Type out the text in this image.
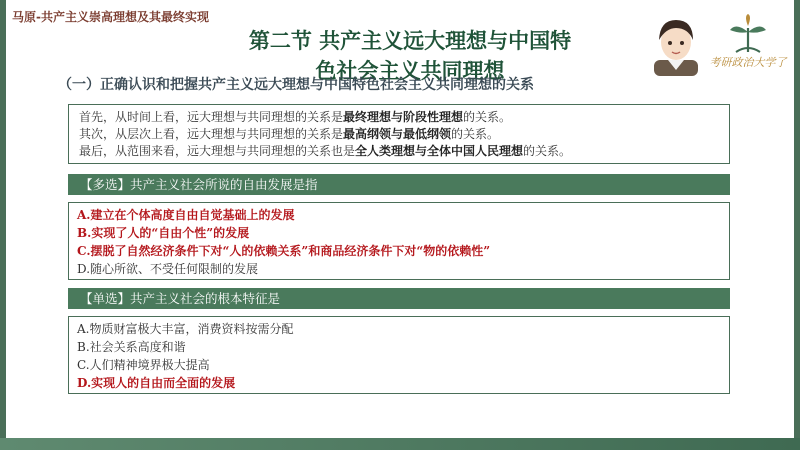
马原-共产主义崇高理想及其最终实现
第二节 共产主义远大理想与中国特
色社会主义共同理想
（一）正确认识和把握共产主义远大理想与中国特色社会主义共同理想的关系
考研政治大学了
首先，从时间上看，远大理想与共同理想的关系是最终理想与阶段性理想的关系。
其次，从层次上看，远大理想与共同理想的关系是最高纲领与最低纲领的关系。
最后，从范围来看，远大理想与共同理想的关系也是全人类理想与全体中国人民理想的关系。
【多选】共产主义社会所说的自由发展是指
A.建立在个体高度自由自觉基础上的发展
B.实现了人的“自由个性”的发展
C.摆脱了自然经济条件下对“人的依赖关系”和商品经济条件下对“物的依赖性”
D.随心所欲、不受任何限制的发展
【单选】共产主义社会的根本特征是
A.物质财富极大丰富，消费资料按需分配
B.社会关系高度和谐
C.人们精神境界极大提高
D.实现人的自由而全面的发展
